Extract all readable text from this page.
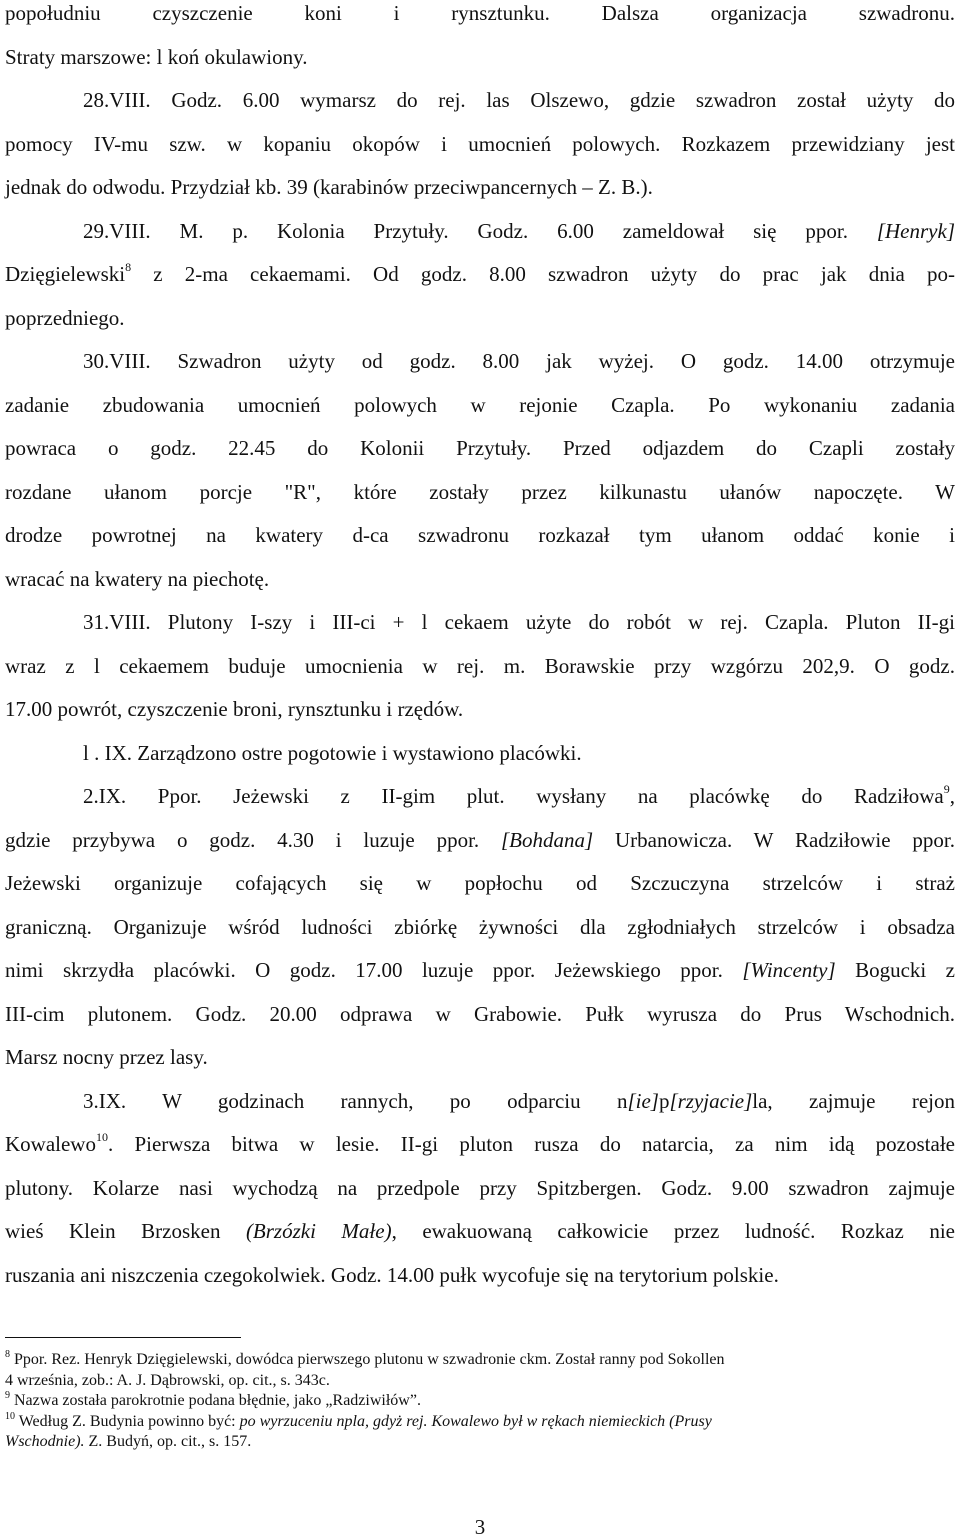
popołudniu czyszczenie koni i rynsztunku. Dalsza organizacja szwadronu.
Straty marszowe: l koń okulawiony.
28.VIII. Godz. 6.00 wymarsz do rej. las Olszewo, gdzie szwadron został użyty do
pomocy IV-mu szw. w kopaniu okopów i umocnień polowych. Rozkazem przewidziany jest
jednak do odwodu. Przydział kb. 39 (karabinów przeciwpancernych – Z. B.).
29.VIII. M. p. Kolonia Przytuły. Godz. 6.00 zameldował się ppor. [Henryk]
Dzięgielewski$^8$ z 2-ma cekaemami. Od godz. 8.00 szwadron użyty do prac jak dnia po-
poprzedniego.
30.VIII. Szwadron użyty od godz. 8.00 jak wyżej. O godz. 14.00 otrzymuje
zadanie zbudowania umocnień polowych w rejonie Czapla. Po wykonaniu zadania
powraca o godz. 22.45 do Kolonii Przytuły. Przed odjazdem do Czapli zostały
rozdane ułanom porcje "R", które zostały przez kilkunastu ułanów napoczęte. W
drodze powrotnej na kwatery d-ca szwadronu rozkazał tym ułanom oddać konie i
wracać na kwatery na piechotę.
31.VIII. Plutony I-szy i III-ci + l cekaem użyte do robót w rej. Czapla. Pluton II-gi
wraz z l cekaemem buduje umocnienia w rej. m. Borawskie przy wzgórzu 202,9. O godz.
17.00 powrót, czyszczenie broni, rynsztunku i rzędów.
l . IX. Zarządzono ostre pogotowie i wystawiono placówki.
2.IX. Ppor. Jeżewski z II-gim plut. wysłany na placówkę do Radziłowa$^9$,
gdzie przybywa o godz. 4.30 i luzuje ppor. [Bohdana] Urbanowicza. W Radziłowie ppor.
Jeżewski organizuje cofających się w popłochu od Szczuczyna strzelców i straż
graniczną. Organizuje wśród ludności zbiórkę żywności dla zgłodniałych strzelców i obsadza
nimi skrzydła placówki. O godz. 17.00 luzuje ppor. Jeżewskiego ppor. [Wincenty] Bogucki z
III-cim plutonem. Godz. 20.00 odprawa w Grabowie. Pułk wyrusza do Prus Wschodnich.
Marsz nocny przez lasy.
3.IX. W godzinach rannych, po odparciu n[ie]p[rzyjacie]la, zajmuje rejon
Kowalewo$^{10}$. Pierwsza bitwa w lesie. II-gi pluton rusza do natarcia, za nim idą pozostałe
plutony. Kolarze nasi wychodzą na przedpole przy Spitzbergen. Godz. 9.00 szwadron zajmuje
wieś Klein Brzosken (Brzózki Małe), ewakuowaną całkowicie przez ludność. Rozkaz nie
ruszania ani niszczenia czegokolwiek. Godz. 14.00 pułk wycofuje się na terytorium polskie.
$^8$ Ppor. Rez. Henryk Dzięgielewski, dowódca pierwszego plutonu w szwadronie ckm. Został ranny pod Sokollen
4 września, zob.: A. J. Dąbrowski, op. cit., s. 343c.
$^9$ Nazwa została parokrotnie podana błędnie, jako „Radziwiłów”.
$^{10}$ Według Z. Budynia powinno być: po wyrzuceniu npla, gdyż rej. Kowalewo był w rękach niemieckich (Prusy
Wschodnie). Z. Budyń, op. cit., s. 157.
3
